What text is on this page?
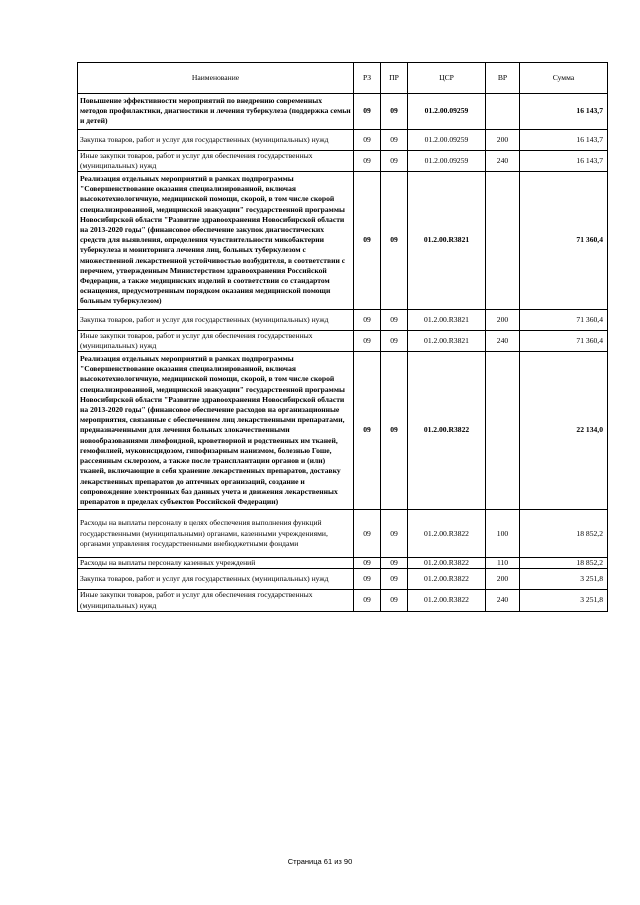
Наименование	РЗ	ПР	ЦСР	ВР	Сумма
Повышение эффективности мероприятий по внедрению современных методов профилактики, диагностики и лечения туберкулеза (поддержка семьи и детей)	09	09	01.2.00.09259		16 143,7
Закупка товаров, работ и услуг для государственных (муниципальных) нужд	09	09	01.2.00.09259	200	16 143,7
Иные закупки товаров, работ и услуг для обеспечения государственных (муниципальных) нужд	09	09	01.2.00.09259	240	16 143,7
Реализация отдельных мероприятий в рамках подпрограммы "Совершенствование оказания специализированной, включая высокотехнологичную, медицинской помощи, скорой, в том числе скорой специализированной, медицинской эвакуации" государственной программы Новосибирской области "Развитие здравоохранения Новосибирской области на 2013-2020 годы" (финансовое обеспечение закупок диагностических средств для выявления, определения чувствительности микобактерии туберкулеза и мониторинга лечения лиц, больных туберкулезом с множественной лекарственной устойчивостью возбудителя, в соответствии с перечнем, утвержденным Министерством здравоохранения Российской Федерации, а также медицинских изделий в соответствии со стандартом оснащения, предусмотренным порядком оказания медицинской помощи больным туберкулезом)	09	09	01.2.00.R3821		71 360,4
Закупка товаров, работ и услуг для государственных (муниципальных) нужд	09	09	01.2.00.R3821	200	71 360,4
Иные закупки товаров, работ и услуг для обеспечения государственных (муниципальных) нужд	09	09	01.2.00.R3821	240	71 360,4
Реализация отдельных мероприятий в рамках подпрограммы "Совершенствование оказания специализированной, включая высокотехнологичную, медицинской помощи, скорой, в том числе скорой специализированной, медицинской эвакуации" государственной программы Новосибирской области "Развитие здравоохранения Новосибирской области на 2013-2020 годы" (финансовое обеспечение расходов на организационные мероприятия, связанные с обеспечением лиц лекарственными препаратами, предназначенными для лечения больных злокачественными новообразованиями лимфоидной, кроветворной и родственных им тканей, гемофилией, муковисцидозом, гипофизарным нанизмом, болезнью Гоше, рассеянным склерозом, а также после трансплантации органов и (или) тканей, включающие в себя хранение лекарственных препаратов, доставку лекарственных препаратов до аптечных организаций, создание и сопровождение электронных баз данных учета и движения лекарственных препаратов в пределах субъектов Российской Федерации)	09	09	01.2.00.R3822		22 134,0
Расходы на выплаты персоналу в целях обеспечения выполнения функций государственными (муниципальными) органами, казенными учреждениями, органами управления государственными внебюджетными фондами	09	09	01.2.00.R3822	100	18 852,2
Расходы на выплаты персоналу казенных учреждений	09	09	01.2.00.R3822	110	18 852,2
Закупка товаров, работ и услуг для государственных (муниципальных) нужд	09	09	01.2.00.R3822	200	3 251,8
Иные закупки товаров, работ и услуг для обеспечения государственных (муниципальных) нужд	09	09	01.2.00.R3822	240	3 251,8
Страница 61 из 90
